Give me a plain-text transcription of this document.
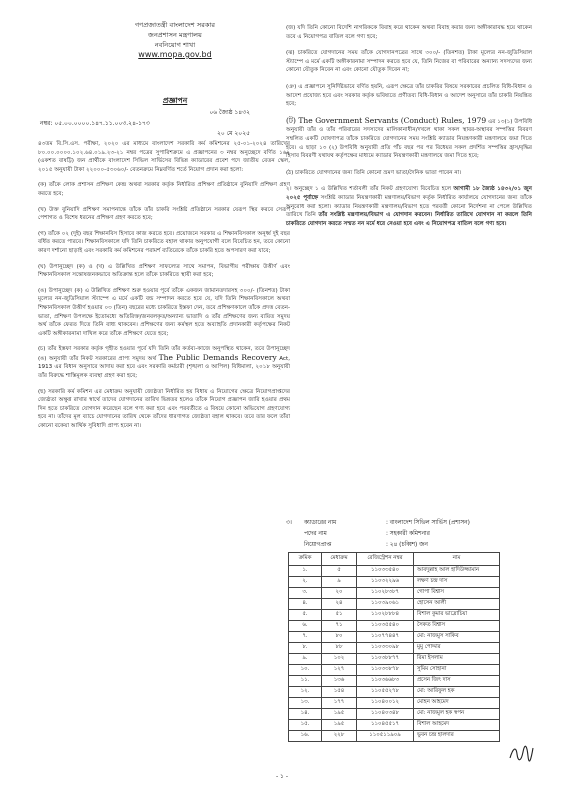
গণপ্রজাতন্ত্রী বাংলাদেশ সরকার
জনপ্রশাসন মন্ত্রণালয়
নবনিয়োগ শাখা
www.mopa.gov.bd
প্রজ্ঞাপন
০৬ জ্যৈষ্ঠ ১৪৩২
নম্বর: ০৫.০০.০০০০.১৪৭.১১.০০৩.২৪-১৭৩
২০ মে ২০২৫

৪৩তম বি.সি.এস. পরীক্ষা, ২০২০ এর মাধ্যমে বাংলাদেশ সরকারি কর্ম কমিশনের ২৫-০১-২০২৪ তারিখের ৮০.০০.০০০০.১০২.৬৪.০১৯.২৩-২১ নম্বর পত্রের সুপারিশক্রমে এ প্রজ্ঞাপনের ৩ নম্বর অনুচ্ছেদে বর্ণিত ১৬২ (একশত বাষট্টি) জন প্রার্থীকে বাংলাদেশ সিভিল সার্ভিসের বিভিন্ন ক্যাডারের প্রবেশ পদে জাতীয় বেতন স্কেল, ২০১৫ অনুযায়ী টাকা ২২০০০-৫৩০৬০/- বেতনক্রমে নিম্নবর্ণিত শর্তে নিয়োগ প্রদান করা হলো:

(ক) তাঁকে লোক প্রশাসন প্রশিক্ষণ কেন্দ্র অথবা সরকার কর্তৃক নির্ধারিত প্রশিক্ষণ প্রতিষ্ঠানে বুনিয়াদি প্রশিক্ষণ গ্রহণ করতে হবে;

(খ) উক্ত বুনিয়াদি প্রশিক্ষণ সমাপনান্তে তাঁকে তাঁর চাকরি সংশ্লিষ্ট প্রতিষ্ঠানে সরকার যেরূপ স্থির করবে সেরূপ পেশাগত ও বিশেষ ধরনের প্রশিক্ষণ গ্রহণ করতে হবে;

(গ) তাঁকে ০২ (দুই) বছর শিক্ষানবিস হিসাবে কাজ করতে হবে। প্রয়োজনে সরকার এ শিক্ষানবিসকাল অনূর্ধ্ব দুই বছর বর্ধিত করতে পারবে। শিক্ষানবিসকালে যদি তিনি চাকরিতে বহাল থাকার অনুপযোগী বলে বিবেচিত হন, তবে কোনো কারণ দর্শানো ছাড়াই এবং সরকারি কর্ম কমিশনের পরামর্শ ব্যতিরেকে তাঁকে চাকরি হতে অপসারণ করা যাবে;

(ঘ) উপানুচ্ছেদ (ক) ও (খ) এ উল্লিখিত প্রশিক্ষণ সাফল্যের সাথে সমাপন, বিভাগীয় পরীক্ষায় উত্তীর্ণ এবং শিক্ষানবিসকাল সন্তোষজনকভাবে অতিক্রান্ত হলে তাঁকে চাকরিতে স্থায়ী করা হবে;

(ঙ) উপানুচ্ছেদ (ক) এ উল্লিখিত প্রশিক্ষণ শুরু হওয়ার পূর্বে তাঁকে একজন জামানতদারসহ ৩০০/- (তিনশত) টাকা মূল্যের নন-জুডিসিয়াল স্ট্যাম্পে এ মর্মে একটি বন্ড সম্পাদন করতে হবে যে, যদি তিনি শিক্ষানবিসকালে অথবা শিক্ষানবিসকাল উত্তীর্ণ হওয়ার ০৩ (তিন) বছরের মধ্যে চাকরিতে ইস্তফা দেন, তবে প্রশিক্ষণকালে তাঁকে প্রদত্ত বেতন-ভাতা, প্রশিক্ষণ উপলক্ষে ইতোমধ্যে অতিরিক্ত/জনবলকৃত/অন্যান্য ভাতাদি ও তাঁর প্রশিক্ষণের জন্য ব্যয়িত সমুদয় অর্থ তাঁকে ফেরত দিতে তিনি বাধ্য থাকবেন। প্রশিক্ষণের জন্য কর্মস্থল হতে অব্যাহতি প্রদানকারী কর্তৃপক্ষের নিকট একটি অঙ্গীকারনামা দাখিল করে তাঁকে প্রশিক্ষণে যেতে হবে;

(চ) তাঁর ইস্তফা সরকার কর্তৃক গৃহীত হওয়ার পূর্বে যদি তিনি তাঁর কর্তব্য-কাজে অনুপস্থিত থাকেন, তবে উপানুচ্ছেদ (ঙ) অনুযায়ী তাঁর নিকট সরকারের প্রাপ্য সমুদয় অর্থ The Public Demands Recovery Act, 1913 এর বিধান অনুসারে আদায় করা হবে এবং সরকারি কর্মচারী (শৃঙ্খলা ও আপিল) বিধিমালা, ২০১৮ অনুযায়ী তাঁর বিরুদ্ধে শাস্তিমূলক ব্যবস্থা গ্রহণ করা হবে;

(ছ) সরকারি কর্ম কমিশন এর মেধাক্রম অনুযায়ী জ্যেষ্ঠতা নির্ধারিত হয় বিধায় এ নিয়োগের ক্ষেত্রে নিয়োগপ্রাপ্তদের জ্যেষ্ঠতা অক্ষুণ্ণ রাখার স্বার্থে তাদের যোগদানের তারিখ ভিন্নতর হলেও তাঁকে নিয়োগ প্রজ্ঞাপন জারি হওয়ার প্রথম দিন হতে চাকরিতে যোগদান করেছেন বলে গণ্য করা হবে এবং পরবর্তীতে এ বিষয়ে কোনো অভিযোগ গ্রহণযোগ্য হবে না। তাঁদের মূল ব্যাচে যোগদানের তারিখ থেকে তাঁদের ধারণাগত জ্যেষ্ঠতা বহাল থাকবে। তবে তার ফলে তাঁরা কোনো বকেয়া আর্থিক সুবিধাদি প্রাপ্য হবেন না।

(জ) যদি তিনি কোনো বিদেশি নাগরিককে বিবাহ করে থাকেন অথবা বিবাহ করার জন্য অঙ্গীকারাবদ্ধ হয়ে থাকেন তবে এ নিয়োগপত্র বাতিল বলে গণ্য হবে;

(ঝ) চাকরিতে যোগদানের সময় তাঁকে যোগদানপত্রের সাথে ৩০০/- (তিনশত) টাকা মূল্যের নন-জুডিসিয়াল স্ট্যাম্পে এ মর্মে একটি অঙ্গীকারনামা সম্পাদন করতে হবে যে, তিনি নিজের বা পরিবারের অন্যান্য সদস্যদের জন্য কোনো যৌতুক নিবেন না এবং কোনো যৌতুক দিবেন না;

(ঞ) এ প্রজ্ঞাপনে সুনির্দিষ্টভাবে বর্ণিত হয়নি, এরূপ ক্ষেত্রে তাঁর চাকরির বিষয়ে সরকারের প্রচলিত বিধি-বিধান ও আদেশ প্রযোজ্য হবে এবং সরকার কর্তৃক ভবিষ্যতে প্রণীতব্য বিধি-বিধান ও আদেশ অনুসারে তাঁর চাকরি নিয়ন্ত্রিত হবে;

(ট) The Government Servants (Conduct) Rules, 1979 এর ১৩(১) উপবিধি অনুযায়ী তাঁর ও তাঁর পরিবারের সদস্যদের মালিকানাধীন/দখলে থাকা সকল স্থাবর-অস্থাবর সম্পত্তির বিবরণ সম্বলিত একটি ঘোষণাপত্র তাঁকে চাকরিতে যোগদানের সময় সংশ্লিষ্ট ক্যাডার নিয়ন্ত্রণকারী মন্ত্রণালয়ে জমা দিতে হবে। এ ছাড়া ১৩ (২) উপবিধি অনুযায়ী প্রতি পাঁচ বছর পর পর বিধেয়র সকল প্রদর্শিত সম্পত্তির হ্রাস/বৃদ্ধির হিসাব বিবরণী যথাযথ কর্তৃপক্ষের মাধ্যমে ক্যাডার নিয়ন্ত্রণকারী মন্ত্রণালয়ে জমা দিতে হবে;

(ঠ) চাকরিতে যোগদানের জন্য তিনি কোনো ভ্রমণ ভাতা/দৈনিক ভাতা পাবেন না।

২। অনুচ্ছেদ ১ এ উল্লিখিত শর্তাবলী তাঁর নিকট গ্রহণযোগ্য বিবেচিত হলে আগামী ১৮ জ্যৈষ্ঠ ১৪৩২/০১ জুন ২০২৫ পূর্বাহ্নে সংশ্লিষ্ট ক্যাডার নিয়ন্ত্রণকারী মন্ত্রণালয়/বিভাগ কর্তৃক নির্ধারিত কার্যালয়ে যোগদানের জন্য তাঁকে অনুরোধ করা হলো। ক্যাডার নিয়ন্ত্রণকারী মন্ত্রণালয়/বিভাগ হতে পরবর্তী কোনো নির্দেশনা না পেলে উল্লিখিত তারিখে তিনি তাঁর সংশ্লিষ্ট মন্ত্রণালয়/বিভাগ এ যোগদান করবেন। নির্ধারিত তারিখে যোগদান না করলে তিনি চাকরিতে যোগদান করতে সম্মত নন মর্মে ধরে নেওয়া হবে এবং এ নিয়োগপত্র বাতিল বলে গণ্য হবে।

৩।	ক্যাডারের নাম	: বাংলাদেশ সিভিল সার্ভিস (প্রশাসন)
পদের নাম	: সহকারী কমিশনার
নিয়োগপ্রাপ্ত	: ২৪ (চব্বিশ) জন
ক্রমিক	মেধাক্রম	রেজিস্ট্রেশন নম্বর	নাম
১.	৫	১১০৩৩৫৪০	আবদুল্লাহ আল হাদিউজ্জামান
২.	৯	১১০৩২২৯৬	লক্ষণ চন্দ্র দাস
৩.	২০	১১০২৮৩৮৭	গোপা বিশ্বাস
৪.	২৪	১১০৩৯০৬১	হোসেন আলী
৫.	৫১	১১০২৮৮৮৪	বিশাল কুমার ভাদ্রোচিয়া
৬.	৭১	১১০৩৫৫৪০	সৈকত বিশ্বাস
৭.	৮০	১১০৭৭৪৪৭	মো: নাজমুস সাকিব
৮.	৮৮	১১০৩৩০৯৮	মুমু পোদ্দার
৯.	১০২	১১০৩৮৮৭৭	রিমা ইসলাম
১০.	১২৭	১১০৩৩৮৭৮	সুমিম সোহানা
১১.	১৩৬	১১০৩৬৬৮৩	প্রসেন জিৎ দাস
১২.	১৫৪	১১০৫৫২৭৮	মো: আরিফুল হক
১৩.	১৭৭	১১০৪০০১২	মোহন আহমেদ
১৪.	১৯৫	১১০৪০৩৪৮	মো: নাজমুল হক স্বপন
১৫.	১৯৫	১১০৪৫৫১৭	বিশাল আহমেদ
১৬.	২২৮	১১০৫১১৯০৯	ভুবন চন্দ্র হালদার
- ১ -
